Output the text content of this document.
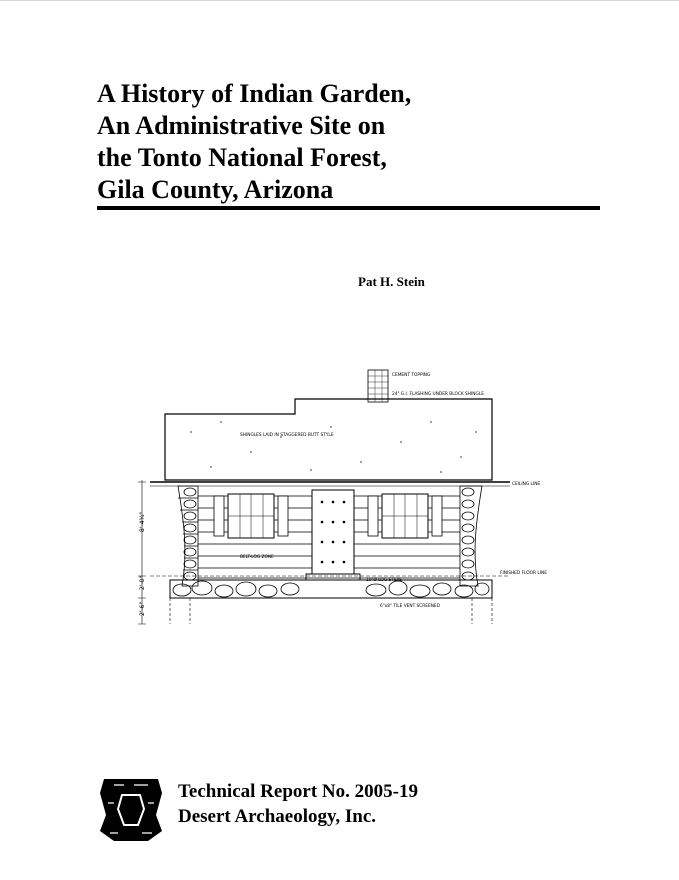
A History of Indian Garden,
An Administrative Site on
the Tonto National Forest,
Gila County, Arizona
Pat H. Stein
CEMENT TOPPING
24" G.I. FLASHING UNDER BLOCK SHINGLE
SHINGLES LAID IN STAGGERED BUTT STYLE
CEILING LINE
FINISHED FLOOR LINE
10"Ø LOG STEPS
BELT-LOG ZONE
6"x8" TILE VENT SCREENED
8'-4¾"
2'-0"
2'-6"
Technical Report No. 2005-19
Desert Archaeology, Inc.
